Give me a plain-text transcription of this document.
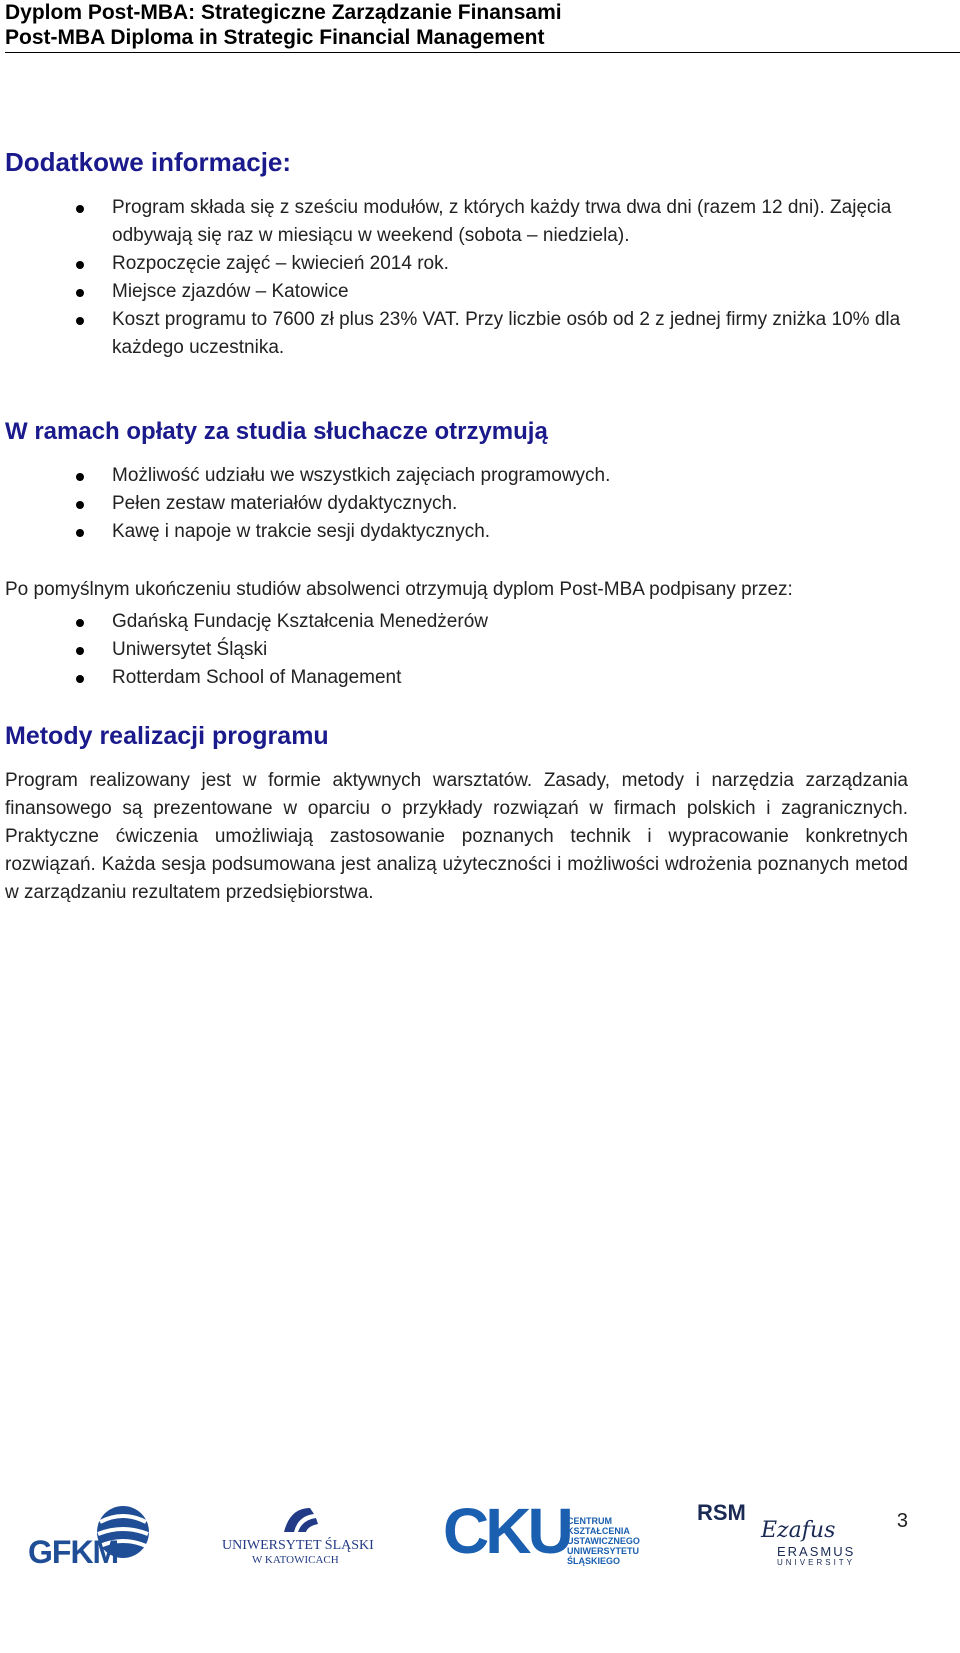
Dyplom Post-MBA: Strategiczne Zarządzanie Finansami
Post-MBA Diploma in Strategic Financial Management
Dodatkowe informacje:
Program składa się z sześciu modułów, z których każdy trwa dwa dni (razem 12 dni). Zajęcia odbywają się raz w miesiącu w weekend (sobota – niedziela).
Rozpoczęcie zajęć – kwiecień 2014 rok.
Miejsce zjazdów – Katowice
Koszt programu to 7600 zł plus 23% VAT. Przy liczbie osób od 2 z jednej firmy zniżka 10% dla każdego uczestnika.
W ramach opłaty za studia słuchacze otrzymują
Możliwość udziału we wszystkich zajęciach programowych.
Pełen zestaw materiałów dydaktycznych.
Kawę i napoje w trakcie sesji dydaktycznych.
Po pomyślnym ukończeniu studiów absolwenci otrzymują dyplom Post-MBA podpisany przez:
Gdańską Fundację Kształcenia Menedżerów
Uniwersytet Śląski
Rotterdam School of Management
Metody realizacji programu
Program realizowany jest w formie aktywnych warsztatów. Zasady, metody i narzędzia zarządzania finansowego są prezentowane w oparciu o przykłady rozwiązań w firmach polskich i zagranicznych. Praktyczne ćwiczenia umożliwiają zastosowanie poznanych technik i wypracowanie konkretnych rozwiązań. Każda sesja podsumowana jest analizą użyteczności i możliwości wdrożenia poznanych metod w zarządzaniu rezultatem przedsiębiorstwa.
GFKM	UNIWERSYTET ŚLĄSKI
W KATOWICACH CKU
CENTRUM
KSZTAŁCENIA
USTAWICZNEGO
UNIWERSYTETU
ŚLĄSKIEGO
RSM
Ezafus
ERASMUS
UNIVERSITY
3
